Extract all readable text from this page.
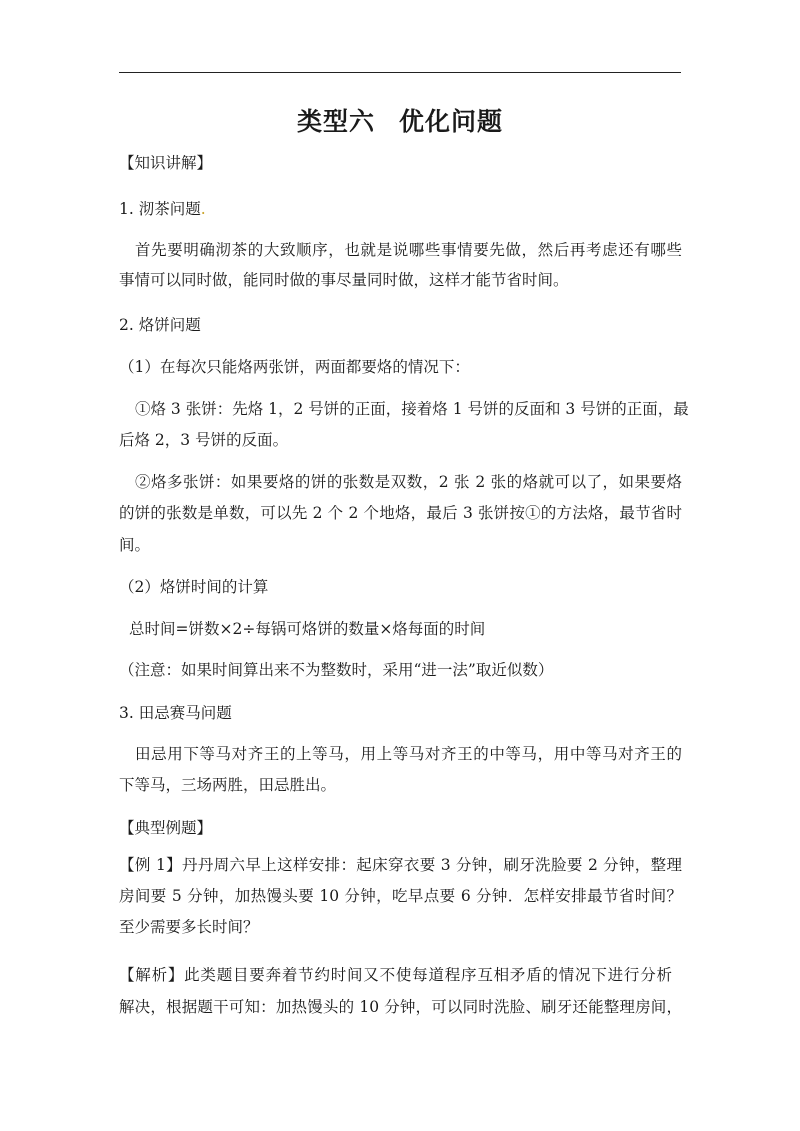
类型六 优化问题
【知识讲解】
1. 沏茶问题.
首先要明确沏茶的大致顺序，也就是说哪些事情要先做，然后再考虑还有哪些
事情可以同时做，能同时做的事尽量同时做，这样才能节省时间。
2. 烙饼问题
（1）在每次只能烙两张饼，两面都要烙的情况下：
①烙 3 张饼：先烙 1，2 号饼的正面，接着烙 1 号饼的反面和 3 号饼的正面，最
后烙 2，3 号饼的反面。
②烙多张饼：如果要烙的饼的张数是双数，2 张 2 张的烙就可以了，如果要烙
的饼的张数是单数，可以先 2 个 2 个地烙，最后 3 张饼按①的方法烙，最节省时
间。
（2）烙饼时间的计算
总时间=饼数×2÷每锅可烙饼的数量×烙每面的时间
（注意：如果时间算出来不为整数时，采用“进一法”取近似数）
3. 田忌赛马问题
田忌用下等马对齐王的上等马，用上等马对齐王的中等马，用中等马对齐王的
下等马，三场两胜，田忌胜出。
【典型例题】
【例 1】丹丹周六早上这样安排：起床穿衣要 3 分钟，刷牙洗脸要 2 分钟，整理
房间要 5 分钟，加热馒头要 10 分钟，吃早点要 6 分钟．怎样安排最节省时间？
至少需要多长时间？
【解析】此类题目要奔着节约时间又不使每道程序互相矛盾的情况下进行分析
解决，根据题干可知：加热馒头的 10 分钟，可以同时洗脸、刷牙还能整理房间，
